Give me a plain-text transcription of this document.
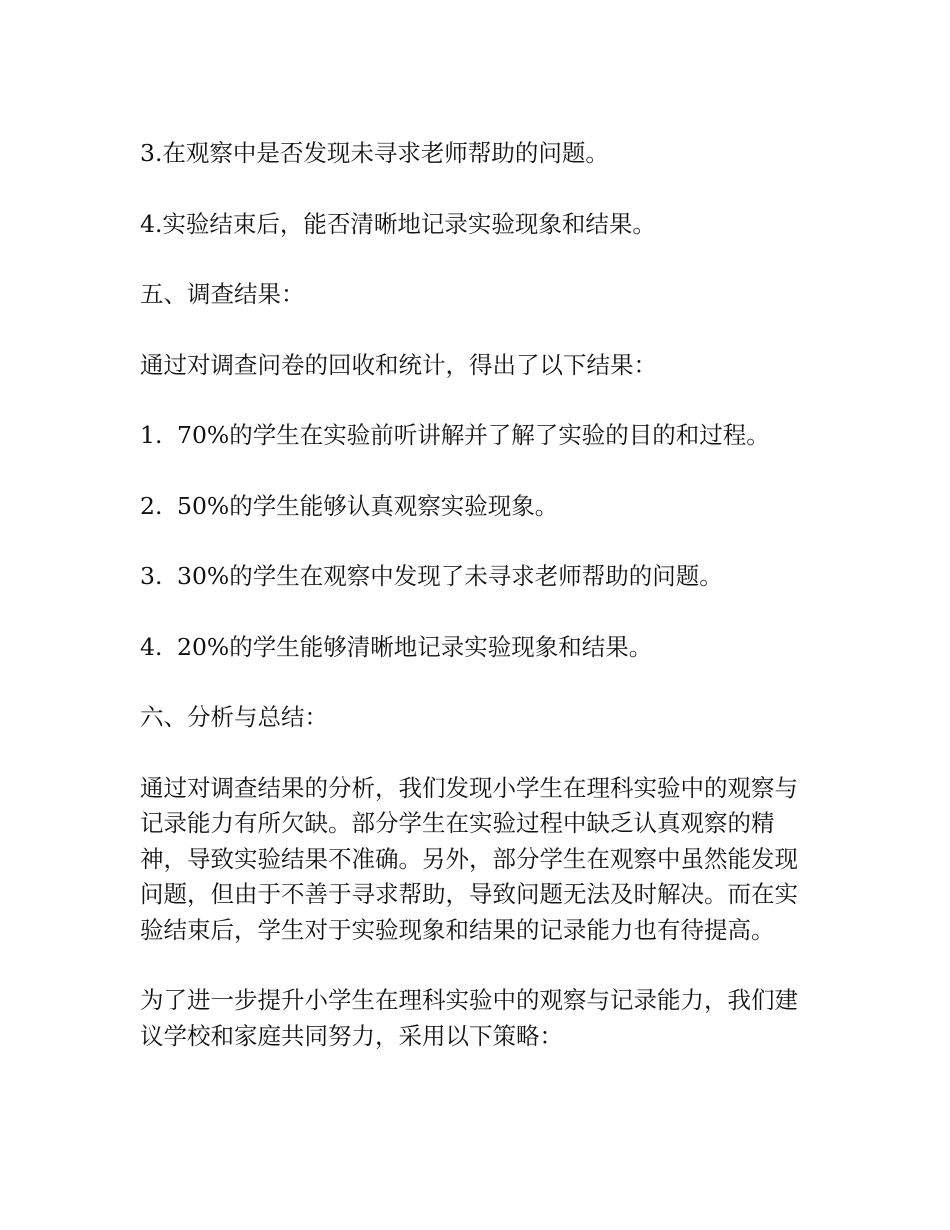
3.在观察中是否发现未寻求老师帮助的问题。

4.实验结束后，能否清晰地记录实验现象和结果。

五、调查结果：

通过对调查问卷的回收和统计，得出了以下结果：

1. 70%的学生在实验前听讲解并了解了实验的目的和过程。

2. 50%的学生能够认真观察实验现象。

3. 30%的学生在观察中发现了未寻求老师帮助的问题。

4. 20%的学生能够清晰地记录实验现象和结果。

六、分析与总结：

通过对调查结果的分析，我们发现小学生在理科实验中的观察与记录能力有所欠缺。部分学生在实验过程中缺乏认真观察的精神，导致实验结果不准确。另外，部分学生在观察中虽然能发现问题，但由于不善于寻求帮助，导致问题无法及时解决。而在实验结束后，学生对于实验现象和结果的记录能力也有待提高。

为了进一步提升小学生在理科实验中的观察与记录能力，我们建议学校和家庭共同努力，采用以下策略：
